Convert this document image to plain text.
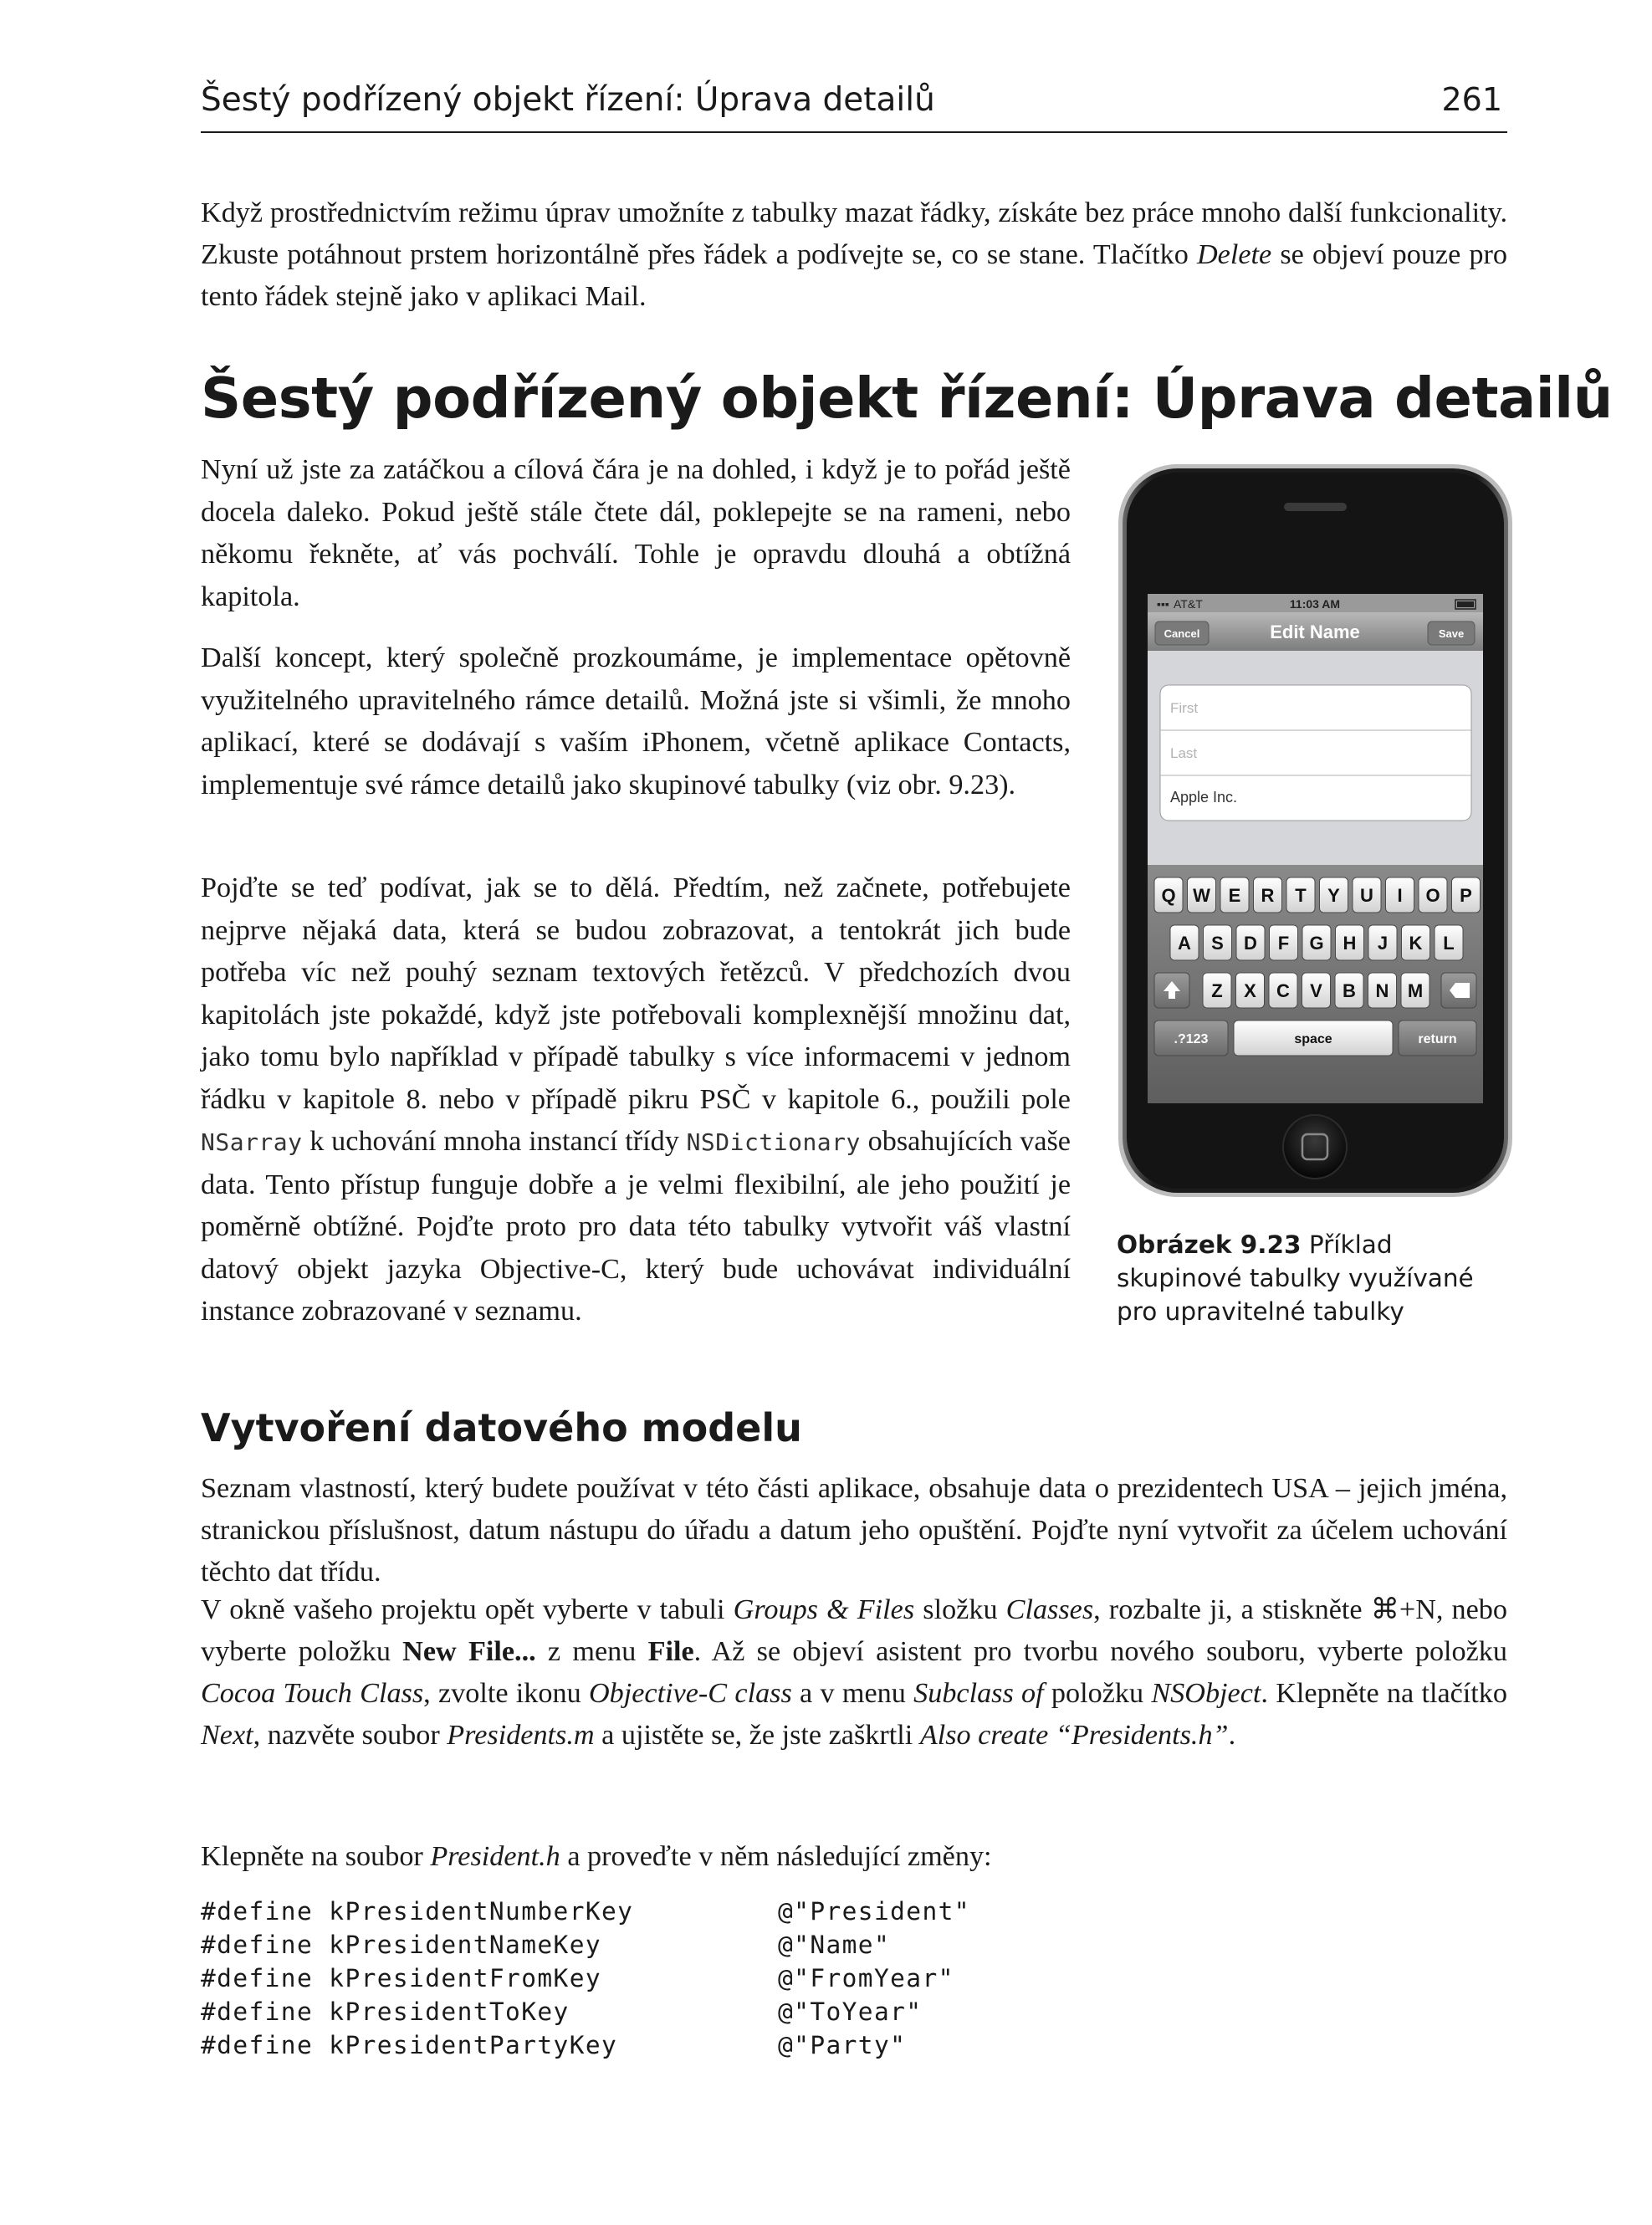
Šestý podřízený objekt řízení: Úprava detailů	261

Když prostřednictvím režimu úprav umožníte z tabulky mazat řádky, získáte bez práce mnoho další funkcionality. Zkuste potáhnout prstem horizontálně přes řádek a podívejte se, co se stane. Tlačítko Delete se objeví pouze pro tento řádek stejně jako v aplikaci Mail.

Šestý podřízený objekt řízení: Úprava detailů

Nyní už jste za zatáčkou a cílová čára je na dohled, i když je to pořád ještě docela daleko. Pokud ještě stále čtete dál, poklepejte se na rameni, nebo někomu řekněte, ať vás pochválí. Tohle je opravdu dlouhá a obtížná kapitola.

Další koncept, který společně prozkoumáme, je implementace opětovně využitelného upravitelného rámce detailů. Možná jste si všimli, že mnoho aplikací, které se dodávají s vaším iPhonem, včetně aplikace Contacts, implementuje své rámce detailů jako skupinové tabulky (viz obr. 9.23).

Pojďte se teď podívat, jak se to dělá. Předtím, než začnete, potřebujete nejprve nějaká data, která se budou zobrazovat, a tentokrát jich bude potřeba víc než pouhý seznam textových řetězců. V předchozích dvou kapitolách jste pokaždé, když jste potřebovali komplexnější množinu dat, jako tomu bylo například v případě tabulky s více informacemi v jednom řádku v kapitole 8. nebo v případě pikru PSČ v kapitole 6., použili pole NSarray k uchování mnoha instancí třídy NSDictionary obsahujících vaše data. Tento přístup funguje dobře a je velmi flexibilní, ale jeho použití je poměrně obtížné. Pojďte proto pro data této tabulky vytvořit váš vlastní datový objekt jazyka Objective-C, který bude uchovávat individuální instance zobrazované v seznamu.

▪▪▪ AT&T	11:03 AM
Cancel	Edit Name	Save
First
Last
Apple Inc.
Q W E R T Y U I O P
A S D F G H J K L
Z X C V B N M
.?123	space	return
Obrázek 9.23 Příklad skupinové tabulky využívané pro upravitelné tabulky
Vytvoření datového modelu

Seznam vlastností, který budete používat v této části aplikace, obsahuje data o prezidentech USA – jejich jména, stranickou příslušnost, datum nástupu do úřadu a datum jeho opuštění. Pojďte nyní vytvořit za účelem uchování těchto dat třídu.

V okně vašeho projektu opět vyberte v tabuli Groups & Files složku Classes, rozbalte ji, a stiskněte ⌘+N, nebo vyberte položku New File... z menu File. Až se objeví asistent pro tvorbu nového souboru, vyberte položku Cocoa Touch Class, zvolte ikonu Objective-C class a v menu Subclass of položku NSObject. Klepněte na tlačítko Next, nazvěte soubor Presidents.m a ujistěte se, že jste zaškrtli Also create “Presidents.h”.

Klepněte na soubor President.h a proveďte v něm následující změny:

#define kPresidentNumberKey	@"President"
#define kPresidentNameKey	@"Name"
#define kPresidentFromKey	@"FromYear"
#define kPresidentToKey	@"ToYear"
#define kPresidentPartyKey	@"Party"
